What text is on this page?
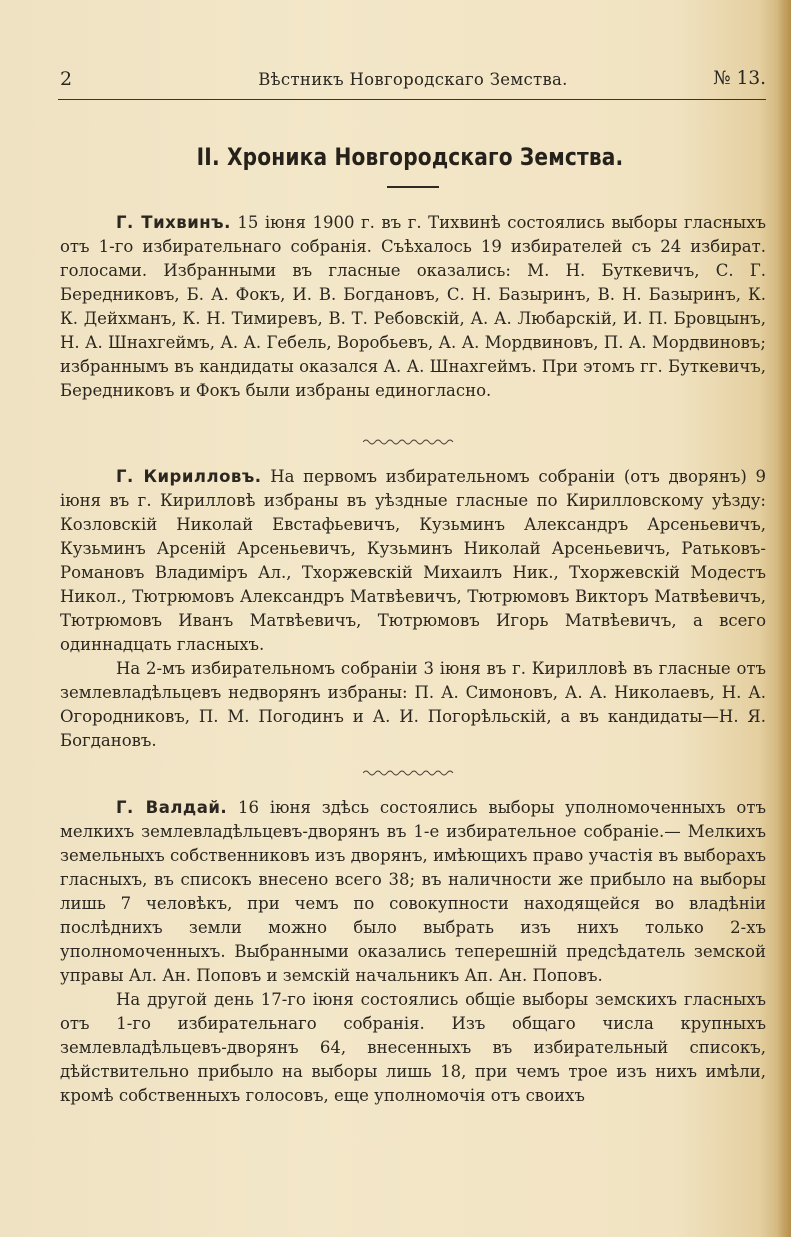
2	Вѣстникъ Новгородскаго Земства.	№ 13.
II. Хроника Новгородскаго Земства.

Г. Тихвинъ. 15 іюня 1900 г. въ г. Тихвинѣ состоялись выборы гласныхъ отъ 1-го избирательнаго собранія. Съѣхалось 19 избирателей съ 24 избират. голосами. Избранными въ гласные оказались: М. Н. Буткевичъ, С. Г. Бередниковъ, Б. А. Фокъ, И. В. Богдановъ, С. Н. Базыринъ, В. Н. Базыринъ, К. К. Дейхманъ, К. Н. Тимиревъ, В. Т. Ребовскій, А. А. Любарскій, И. П. Бровцынъ, Н. А. Шнахгеймъ, А. А. Гебель, Воробьевъ, А. А. Мордвиновъ, П. А. Мордвиновъ; избраннымъ въ кандидаты оказался А. А. Шнахгеймъ. При этомъ гг. Буткевичъ, Бередниковъ и Фокъ были избраны единогласно.

Г. Кирилловъ. На первомъ избирательномъ собраніи (отъ дворянъ) 9 іюня въ г. Кирилловѣ избраны въ уѣздные гласные по Кирилловскому уѣзду: Козловскій Николай Евстафьевичъ, Кузьминъ Александръ Арсеньевичъ, Кузьминъ Арсеній Арсеньевичъ, Кузьминъ Николай Арсеньевичъ, Ратьковъ-Романовъ Владиміръ Ал., Тхоржевскій Михаилъ Ник., Тхоржевскій Модестъ Никол., Тютрюмовъ Александръ Матвѣевичъ, Тютрюмовъ Викторъ Матвѣевичъ, Тютрюмовъ Иванъ Матвѣевичъ, Тютрюмовъ Игорь Матвѣевичъ, а всего одиннадцать гласныхъ.

На 2-мъ избирательномъ собраніи 3 іюня въ г. Кирилловѣ въ гласные отъ землевладѣльцевъ недворянъ избраны: П. А. Симоновъ, А. А. Николаевъ, Н. А. Огородниковъ, П. М. Погодинъ и А. И. Погорѣльскій, а въ кандидаты—Н. Я. Богдановъ.

Г. Валдай. 16 іюня здѣсь состоялись выборы уполномоченныхъ отъ мелкихъ землевладѣльцевъ-дворянъ въ 1-е избирательное собраніе.— Мелкихъ земельныхъ собственниковъ изъ дворянъ, имѣющихъ право участія въ выборахъ гласныхъ, въ списокъ внесено всего 38; въ наличности же прибыло на выборы лишь 7 человѣкъ, при чемъ по совокупности находящейся во владѣніи послѣднихъ земли можно было выбрать изъ нихъ только 2-хъ уполномоченныхъ. Выбранными оказались теперешній предсѣдатель земской управы Ал. Ан. Поповъ и земскій начальникъ Ап. Ан. Поповъ.

На другой день 17-го іюня состоялись общіе выборы земскихъ гласныхъ отъ 1-го избирательнаго собранія. Изъ общаго числа крупныхъ землевладѣльцевъ-дворянъ 64, внесенныхъ въ избирательный списокъ, дѣйствительно прибыло на выборы лишь 18, при чемъ трое изъ нихъ имѣли, кромѣ собственныхъ голосовъ, еще уполномочія отъ своихъ
